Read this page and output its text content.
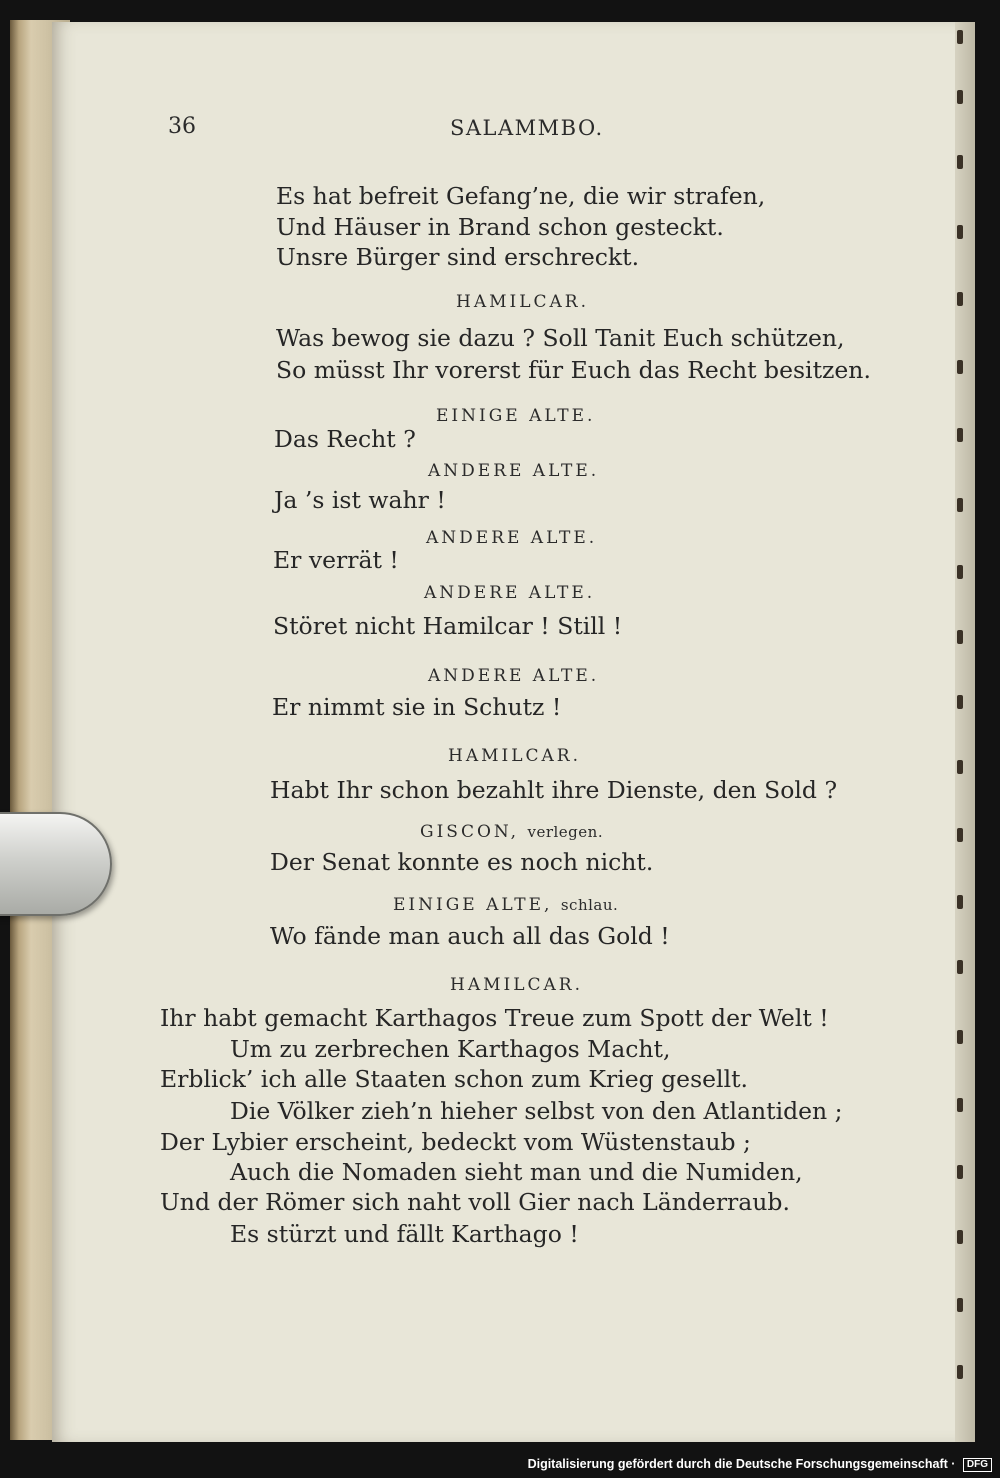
36	SALAMMBO.
Es hat befreit Gefang’ne, die wir strafen,
Und Häuser in Brand schon gesteckt.
Unsre Bürger sind erschreckt.
HAMILCAR.
Was bewog sie dazu ? Soll Tanit Euch schützen,
So müsst Ihr vorerst für Euch das Recht besitzen.
EINIGE ALTE.
Das Recht ?
ANDERE ALTE.
Ja ’s ist wahr !
ANDERE ALTE.
Er verrät !
ANDERE ALTE.
Störet nicht Hamilcar ! Still !
ANDERE ALTE.
Er nimmt sie in Schutz !
HAMILCAR.
Habt Ihr schon bezahlt ihre Dienste, den Sold ?
GISCON, verlegen.
Der Senat konnte es noch nicht.
EINIGE ALTE, schlau.
Wo fände man auch all das Gold !
HAMILCAR.
Ihr habt gemacht Karthagos Treue zum Spott der Welt !
Um zu zerbrechen Karthagos Macht,
Erblick’ ich alle Staaten schon zum Krieg gesellt.
Die Völker zieh’n hieher selbst von den Atlantiden ;
Der Lybier erscheint, bedeckt vom Wüstenstaub ;
Auch die Nomaden sieht man und die Numiden,
Und der Römer sich naht voll Gier nach Länderraub.
Es stürzt und fällt Karthago !
Digitalisierung gefördert durch die Deutsche Forschungsgemeinschaft · DFG
